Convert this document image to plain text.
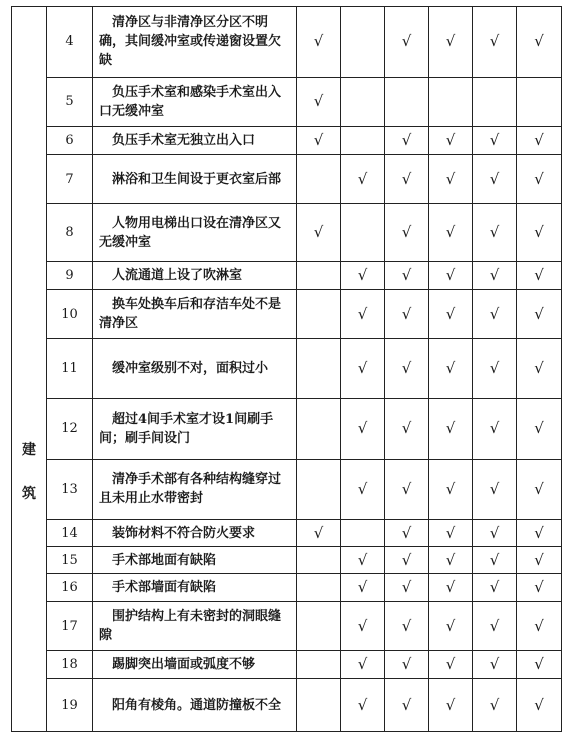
建
筑	4	清净区与非清净区分区不明确，其间缓冲室或传递窗设置欠缺	√		√	√	√	√
	5	负压手术室和感染手术室出入口无缓冲室	√					
	6	负压手术室无独立出入口	√		√	√	√	√
	7	淋浴和卫生间设于更衣室后部		√	√	√	√	√
	8	人物用电梯出口设在清净区又无缓冲室	√		√	√	√	√
	9	人流通道上设了吹淋室		√	√	√	√	√
	10	换车处换车后和存洁车处不是清净区		√	√	√	√	√
	11	缓冲室级别不对，面积过小		√	√	√	√	√
	12	超过4间手术室才设1间刷手间；刷手间设门		√	√	√	√	√
	13	清净手术部有各种结构缝穿过且未用止水带密封		√	√	√	√	√
	14	装饰材料不符合防火要求	√		√	√	√	√
	15	手术部地面有缺陷		√	√	√	√	√
	16	手术部墙面有缺陷		√	√	√	√	√
	17	围护结构上有未密封的洞眼缝隙		√	√	√	√	√
	18	踢脚突出墙面或弧度不够		√	√	√	√	√
	19	阳角有棱角。通道防撞板不全		√	√	√	√	√
